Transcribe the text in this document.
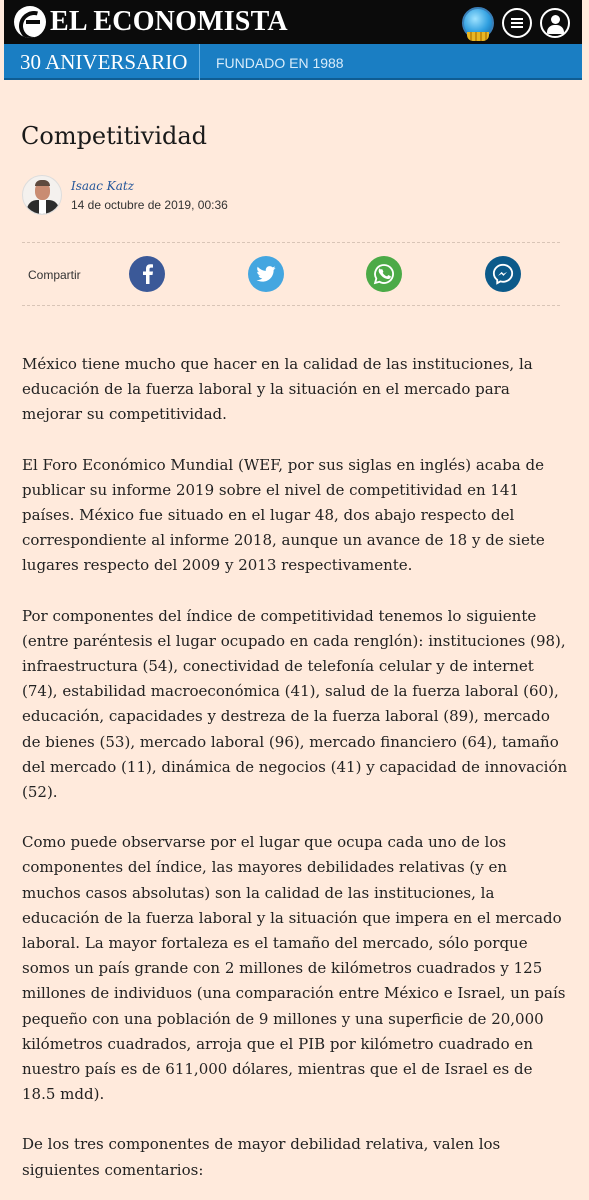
EL ECONOMISTA
30 ANIVERSARIO FUNDADO EN 1988
Competitividad
Isaac Katz
14 de octubre de 2019, 00:36
Compartir

México tiene mucho que hacer en la calidad de las instituciones, la educación de la fuerza laboral y la situación en el mercado para mejorar su competitividad.

El Foro Económico Mundial (WEF, por sus siglas en inglés) acaba de publicar su informe 2019 sobre el nivel de competitividad en 141 países. México fue situado en el lugar 48, dos abajo respecto del correspondiente al informe 2018, aunque un avance de 18 y de siete lugares respecto del 2009 y 2013 respectivamente.

Por componentes del índice de competitividad tenemos lo siguiente (entre paréntesis el lugar ocupado en cada renglón): instituciones (98), infraestructura (54), conectividad de telefonía celular y de internet (74), estabilidad macroeconómica (41), salud de la fuerza laboral (60), educación, capacidades y destreza de la fuerza laboral (89), mercado de bienes (53), mercado laboral (96), mercado financiero (64), tamaño del mercado (11), dinámica de negocios (41) y capacidad de innovación (52).

Como puede observarse por el lugar que ocupa cada uno de los componentes del índice, las mayores debilidades relativas (y en muchos casos absolutas) son la calidad de las instituciones, la educación de la fuerza laboral y la situación que impera en el mercado laboral. La mayor fortaleza es el tamaño del mercado, sólo porque somos un país grande con 2 millones de kilómetros cuadrados y 125 millones de individuos (una comparación entre México e Israel, un país pequeño con una población de 9 millones y una superficie de 20,000 kilómetros cuadrados, arroja que el PIB por kilómetro cuadrado en nuestro país es de 611,000 dólares, mientras que el de Israel es de 18.5 mdd).

De los tres componentes de mayor debilidad relativa, valen los siguientes comentarios:
